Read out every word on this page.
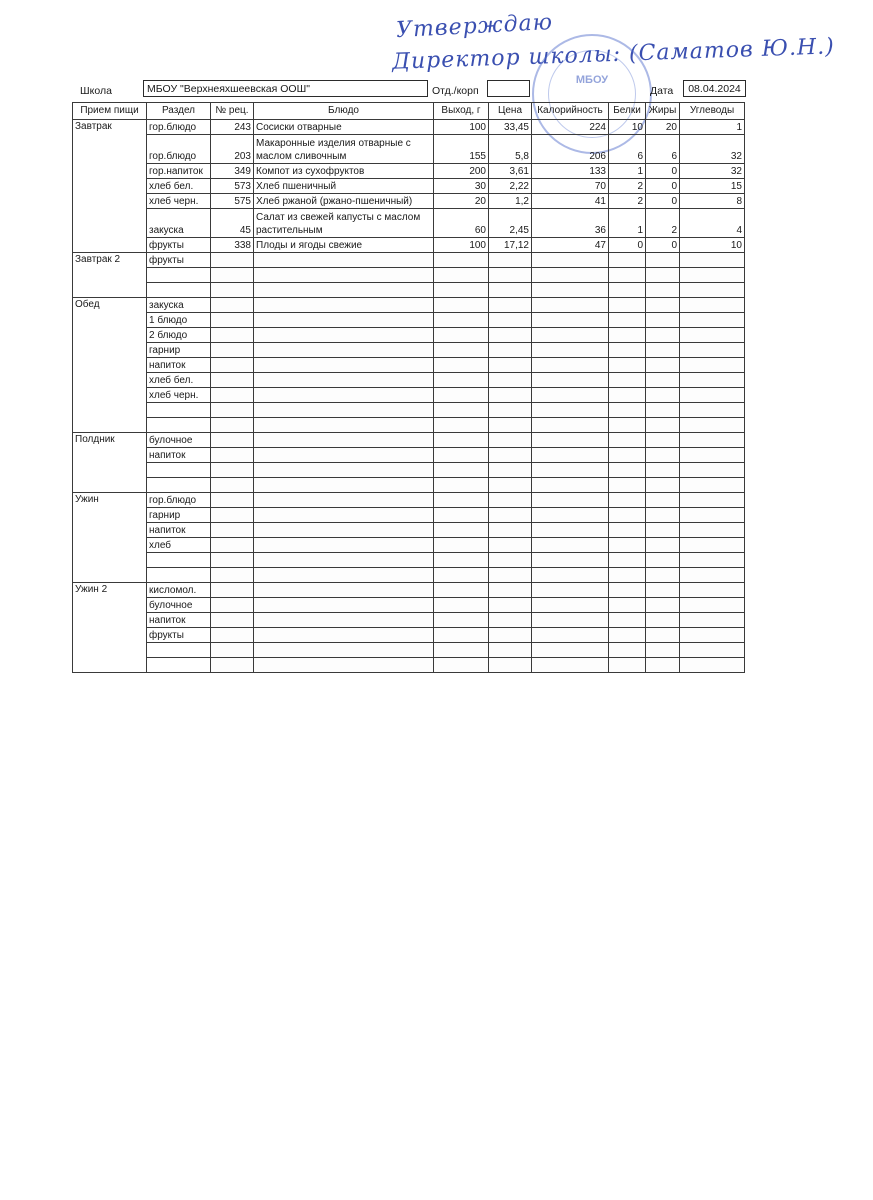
Утверждаю
Директор школы: (Саматов Ю.Н.)
МБОУ
Школа	МБОУ "Верхнеяхшеевская ООШ"	Отд./корп	Дата	08.04.2024
Прием пищи	Раздел	№ рец.	Блюдо	Выход, г	Цена	Калорийность	Белки	Жиры	Углеводы
Завтрак	гор.блюдо	243	Сосиски отварные	100	33,45	224	10	20	1
	гор.блюдо	203	Макаронные изделия отварные с маслом сливочным	155	5,8	206	6	6	32
	гор.напиток	349	Компот из сухофруктов	200	3,61	133	1	0	32
	хлеб бел.	573	Хлеб пшеничный	30	2,22	70	2	0	15
	хлеб черн.	575	Хлеб ржаной (ржано-пшеничный)	20	1,2	41	2	0	8
	закуска	45	Салат из свежей капусты с маслом растительным	60	2,45	36	1	2	4
	фрукты	338	Плоды и ягоды свежие	100	17,12	47	0	0	10
Завтрак 2	фрукты								

Обед	закуска								
	1 блюдо								
	2 блюдо								
	гарнир								
	напиток								
	хлеб бел.								
	хлеб черн.								

Полдник	булочное								
	напиток								

Ужин	гор.блюдо								
	гарнир								
	напиток								
	хлеб								

Ужин 2	кисломол.								
	булочное								
	напиток								
	фрукты								
